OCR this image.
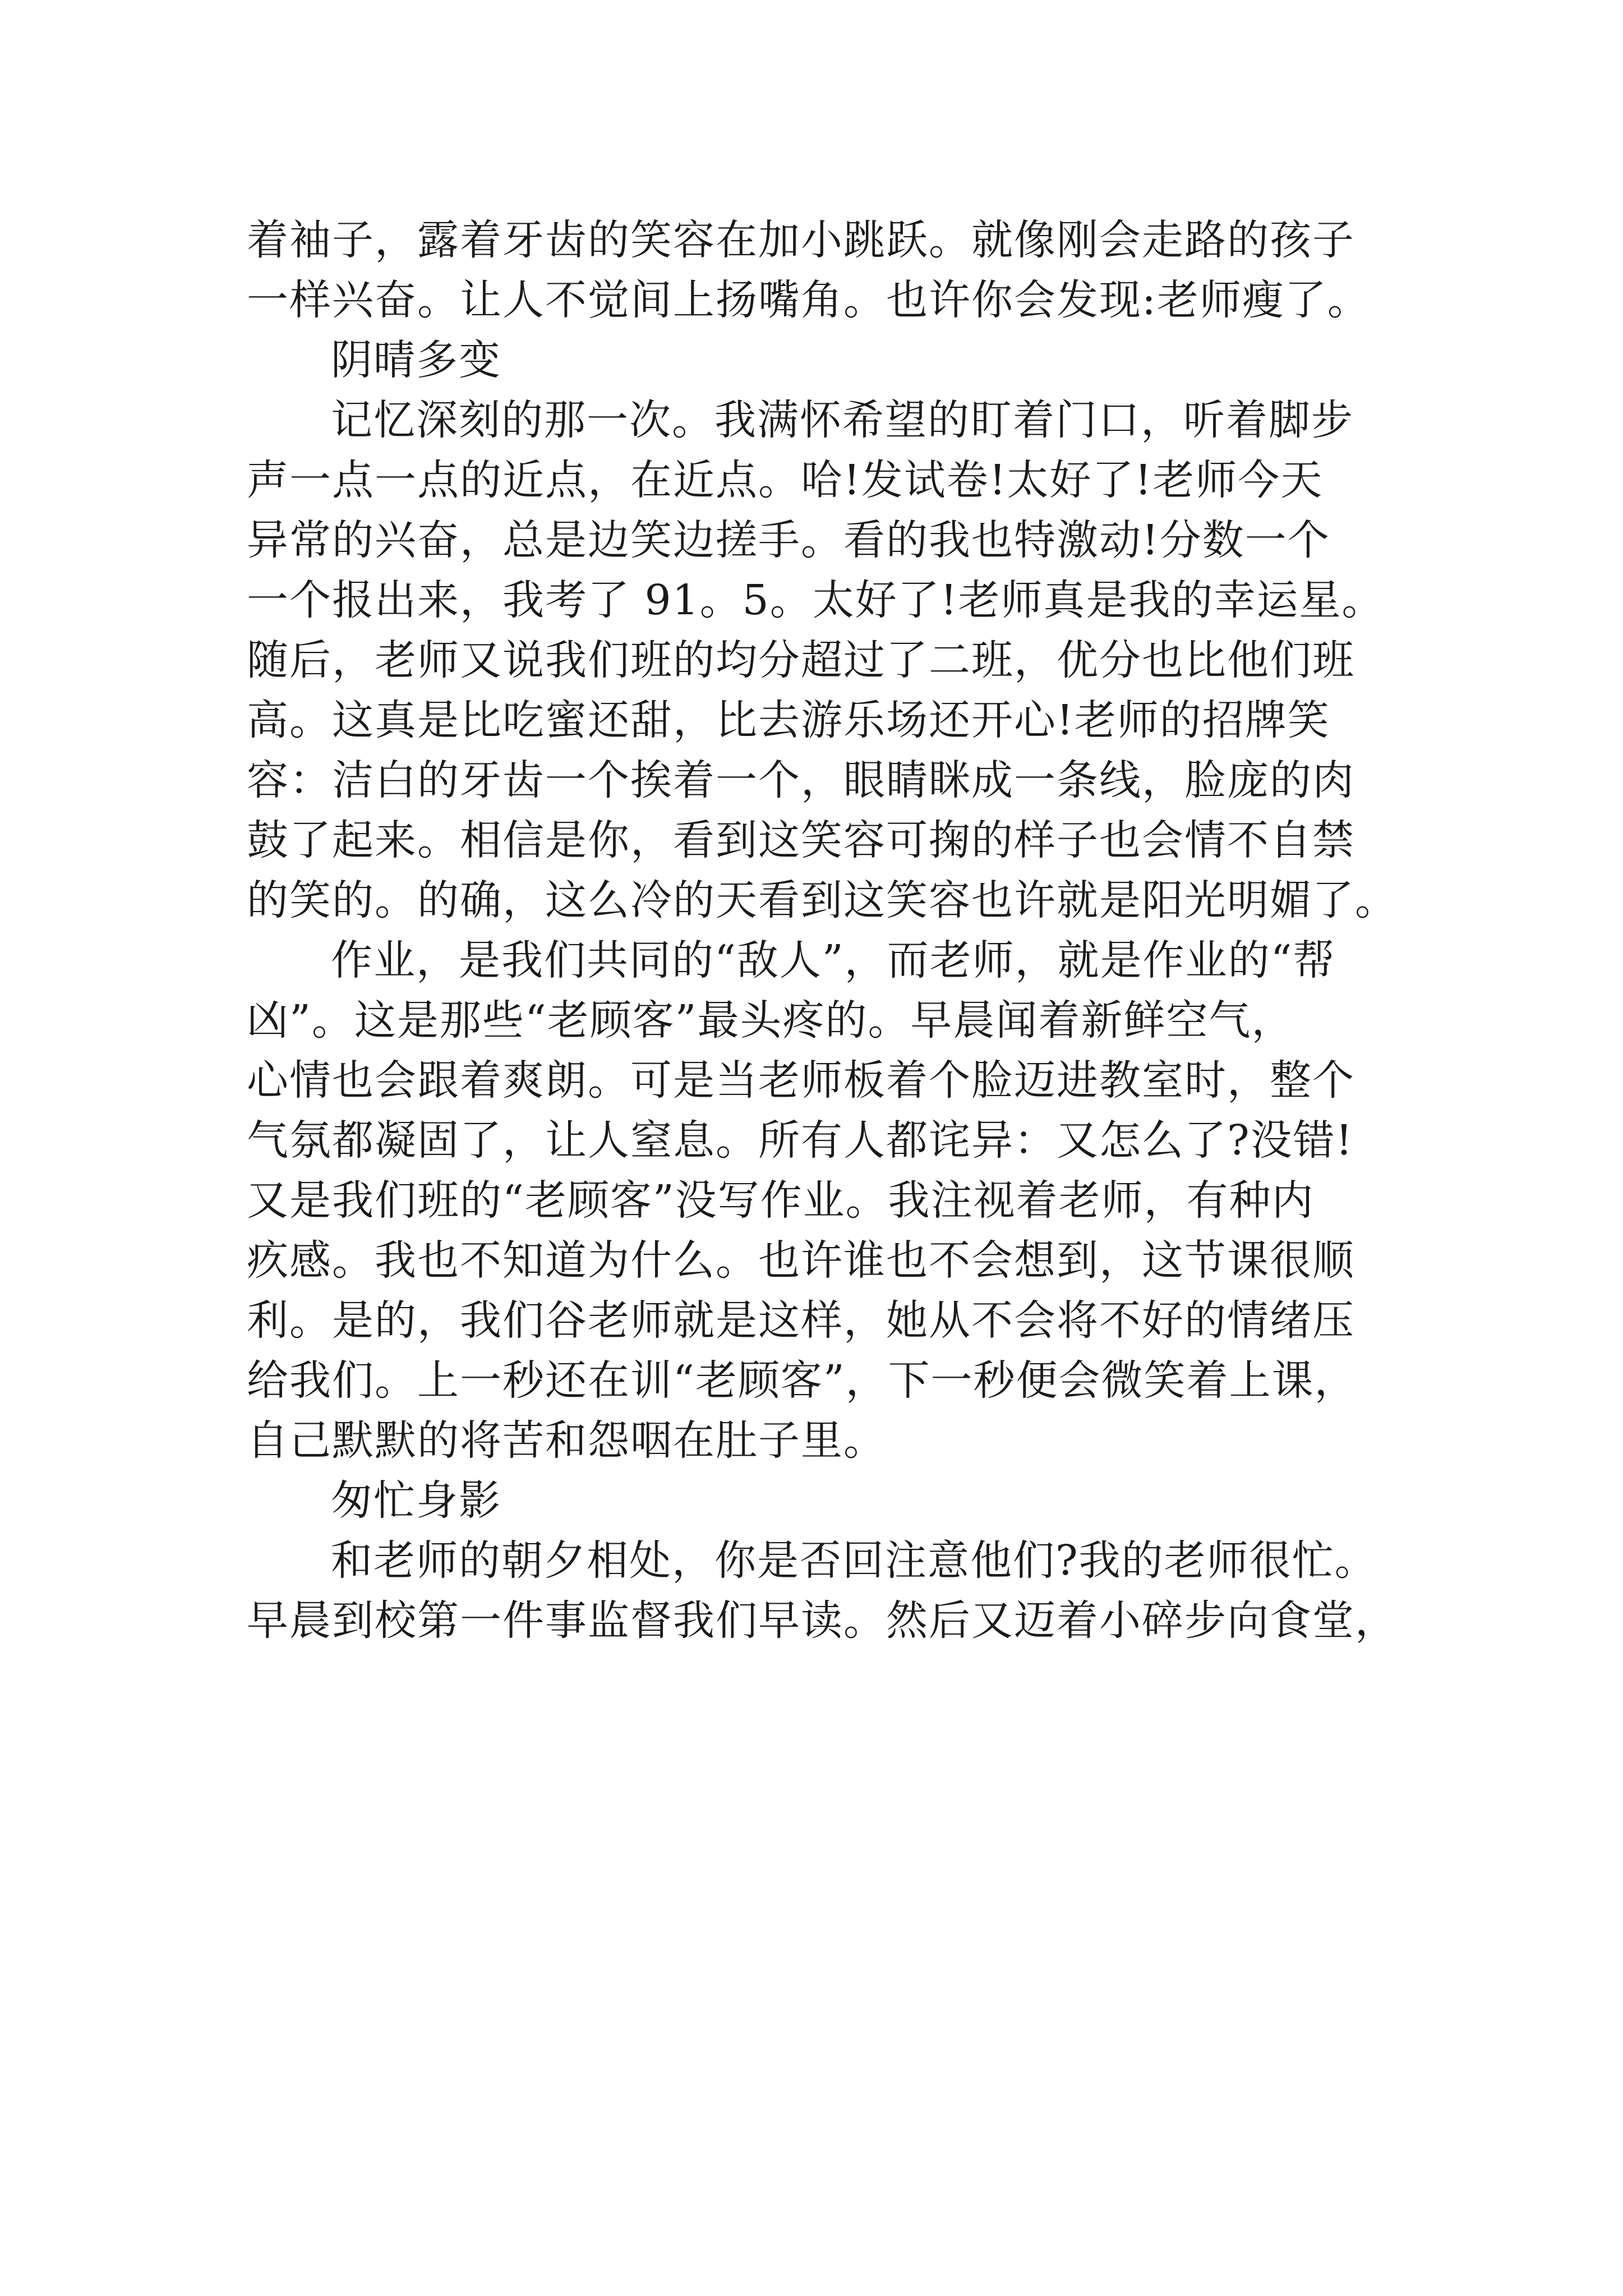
着袖子，露着牙齿的笑容在加小跳跃。就像刚会走路的孩子
一样兴奋。让人不觉间上扬嘴角。也许你会发现:老师瘦了。
阴晴多变
记忆深刻的那一次。我满怀希望的盯着门口，听着脚步
声一点一点的近点，在近点。哈!发试卷!太好了!老师今天
异常的兴奋，总是边笑边搓手。看的我也特激动!分数一个
一个报出来，我考了 91。5。太好了!老师真是我的幸运星。
随后，老师又说我们班的均分超过了二班，优分也比他们班
高。这真是比吃蜜还甜，比去游乐场还开心!老师的招牌笑
容：洁白的牙齿一个挨着一个，眼睛眯成一条线，脸庞的肉
鼓了起来。相信是你，看到这笑容可掬的样子也会情不自禁
的笑的。的确，这么冷的天看到这笑容也许就是阳光明媚了。
作业，是我们共同的“敌人”，而老师，就是作业的“帮
凶”。这是那些“老顾客”最头疼的。早晨闻着新鲜空气，
心情也会跟着爽朗。可是当老师板着个脸迈进教室时，整个
气氛都凝固了，让人窒息。所有人都诧异：又怎么了?没错!
又是我们班的“老顾客”没写作业。我注视着老师，有种内
疚感。我也不知道为什么。也许谁也不会想到，这节课很顺
利。是的，我们谷老师就是这样，她从不会将不好的情绪压
给我们。上一秒还在训“老顾客”，下一秒便会微笑着上课，
自己默默的将苦和怨咽在肚子里。
匆忙身影
和老师的朝夕相处，你是否回注意他们?我的老师很忙。
早晨到校第一件事监督我们早读。然后又迈着小碎步向食堂，
